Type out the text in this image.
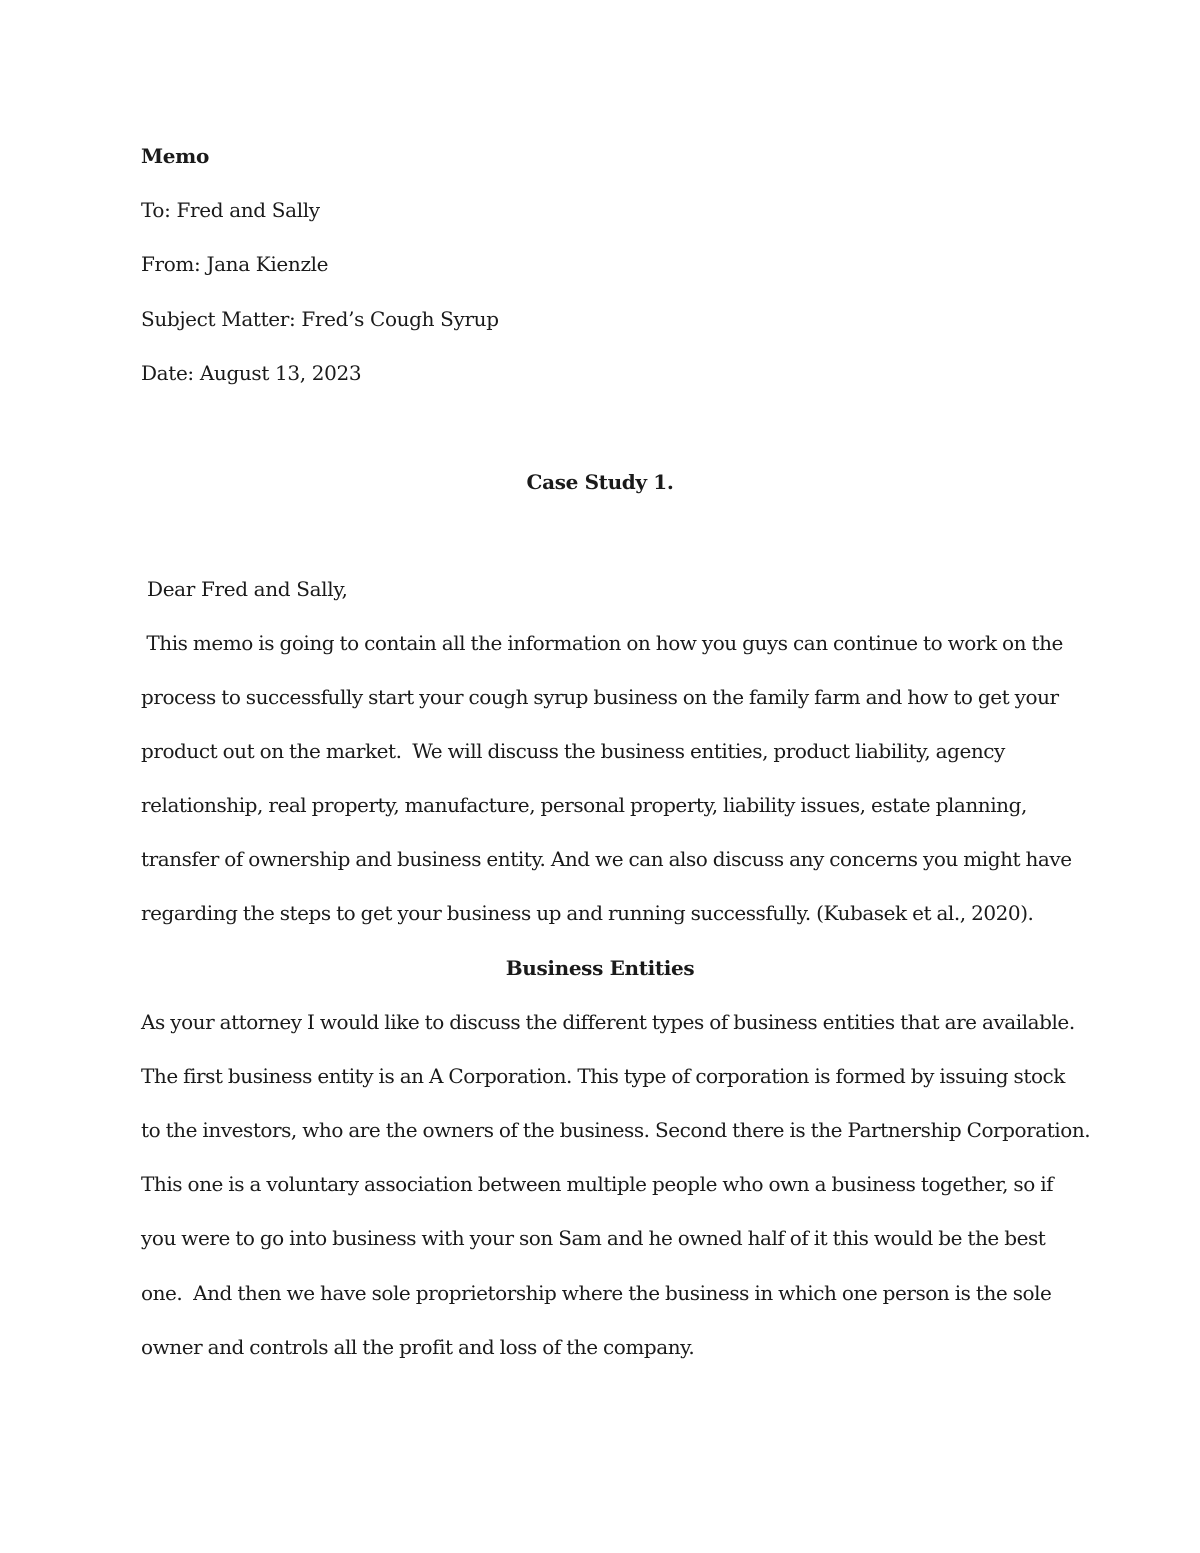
Memo
To: Fred and Sally
From: Jana Kienzle
Subject Matter: Fred’s Cough Syrup
Date: August 13, 2023
Case Study 1.
Dear Fred and Sally,
This memo is going to contain all the information on how you guys can continue to work on the
process to successfully start your cough syrup business on the family farm and how to get your
product out on the market.  We will discuss the business entities, product liability, agency
relationship, real property, manufacture, personal property, liability issues, estate planning,
transfer of ownership and business entity. And we can also discuss any concerns you might have
regarding the steps to get your business up and running successfully. (Kubasek et al., 2020).
Business Entities
As your attorney I would like to discuss the different types of business entities that are available.
The first business entity is an A Corporation. This type of corporation is formed by issuing stock
to the investors, who are the owners of the business. Second there is the Partnership Corporation.
This one is a voluntary association between multiple people who own a business together, so if
you were to go into business with your son Sam and he owned half of it this would be the best
one.  And then we have sole proprietorship where the business in which one person is the sole
owner and controls all the profit and loss of the company.
